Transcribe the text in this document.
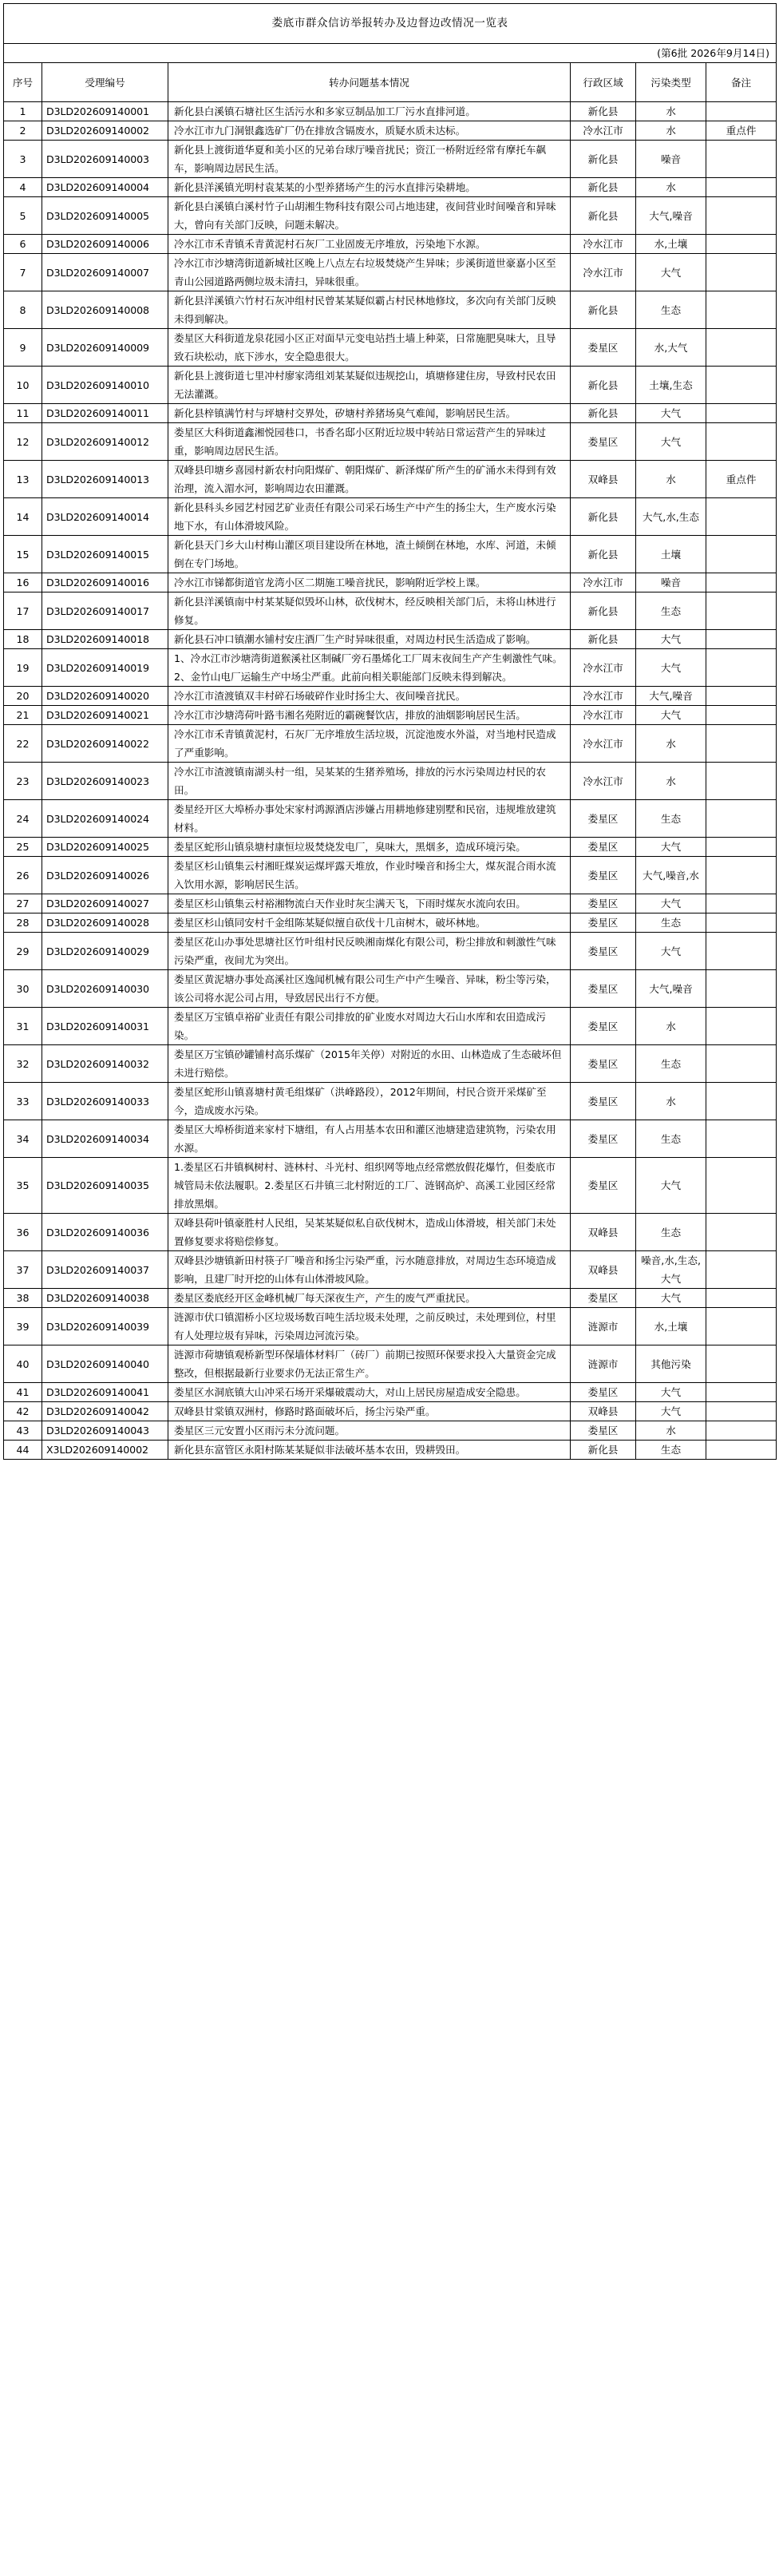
娄底市群众信访举报转办及边督边改情况一览表					
(第6批 2026年9月14日)					
序号	受理编号	转办问题基本情况	行政区域	污染类型	备注
1	D3LD202609140001	新化县白溪镇石塘社区生活污水和多家豆制品加工厂污水直排河道。	新化县	水	
2	D3LD202609140002	冷水江市九门洞银鑫选矿厂仍在排放含镉废水，质疑水质未达标。	冷水江市	水	重点件
3	D3LD202609140003	新化县上渡街道华夏和美小区的兄弟台球厅噪音扰民；资江一桥附近经常有摩托车飙车，影响周边居民生活。	新化县	噪音	
4	D3LD202609140004	新化县洋溪镇光明村袁某某的小型养猪场产生的污水直排污染耕地。	新化县	水	
5	D3LD202609140005	新化县白溪镇白溪村竹子山胡湘生物科技有限公司占地违建，夜间营业时间噪音和异味大，曾向有关部门反映，问题未解决。	新化县	大气,噪音	
6	D3LD202609140006	冷水江市禾青镇禾青黄泥村石灰厂工业固废无序堆放，污染地下水源。	冷水江市	水,土壤	
7	D3LD202609140007	冷水江市沙塘湾街道新城社区晚上八点左右垃圾焚烧产生异味；步溪街道世豪嘉小区至青山公园道路两侧垃圾未清扫，异味很重。	冷水江市	大气	
8	D3LD202609140008	新化县洋溪镇六竹村石灰冲组村民曾某某疑似霸占村民林地修坟，多次向有关部门反映未得到解决。	新化县	生态	
9	D3LD202609140009	娄星区大科街道龙泉花园小区正对面早元变电站挡土墙上种菜，日常施肥臭味大，且导致石块松动，底下涉水，安全隐患很大。	娄星区	水,大气	
10	D3LD202609140010	新化县上渡街道七里冲村廖家湾组刘某某疑似违规挖山，填塘修建住房，导致村民农田无法灌溉。	新化县	土壤,生态	
11	D3LD202609140011	新化县梓镇满竹村与坪塘村交界处，矽塘村养猪场臭气难闻，影响居民生活。	新化县	大气	
12	D3LD202609140012	娄星区大科街道鑫湘悦园巷口，书香名邸小区附近垃圾中转站日常运营产生的异味过重，影响周边居民生活。	娄星区	大气	
13	D3LD202609140013	双峰县印塘乡喜园村新农村向阳煤矿、朝阳煤矿、新泽煤矿所产生的矿涌水未得到有效治理，流入湄水河，影响周边农田灌溉。	双峰县	水	重点件
14	D3LD202609140014	新化县科头乡园艺村园艺矿业责任有限公司采石场生产中产生的扬尘大，生产废水污染地下水，有山体滑坡风险。	新化县	大气,水,生态	
15	D3LD202609140015	新化县天门乡大山村梅山灌区项目建设所在林地，渣土倾倒在林地，水库、河道，未倾倒在专门场地。	新化县	土壤	
16	D3LD202609140016	冷水江市锑都街道官龙湾小区二期施工噪音扰民，影响附近学校上课。	冷水江市	噪音	
17	D3LD202609140017	新化县洋溪镇南中村某某疑似毁坏山林，砍伐树木，经反映相关部门后，未将山林进行修复。	新化县	生态	
18	D3LD202609140018	新化县石冲口镇潮水铺村安庄酒厂生产时异味很重，对周边村民生活造成了影响。	新化县	大气	
19	D3LD202609140019	1、冷水江市沙塘湾街道猴溪社区制碱厂旁石墨烯化工厂周末夜间生产产生刺激性气味。2、金竹山电厂运输生产中场尘严重。此前向相关职能部门反映未得到解决。	冷水江市	大气	
20	D3LD202609140020	冷水江市渣渡镇双丰村碎石场破碎作业时扬尘大、夜间噪音扰民。	冷水江市	大气,噪音	
21	D3LD202609140021	冷水江市沙塘湾荷叶路韦湘名苑附近的霸碗餐饮店，排放的油烟影响居民生活。	冷水江市	大气	
22	D3LD202609140022	冷水江市禾青镇黄泥村，石灰厂无序堆放生活垃圾，沉淀池废水外溢，对当地村民造成了严重影响。	冷水江市	水	
23	D3LD202609140023	冷水江市渣渡镇南湖头村一组，吴某某的生猪养殖场，排放的污水污染周边村民的农田。	冷水江市	水	
24	D3LD202609140024	娄星经开区大埠桥办事处宋家村鸿源酒店涉嫌占用耕地修建别墅和民宿，违规堆放建筑材料。	娄星区	生态	
25	D3LD202609140025	娄星区蛇形山镇泉塘村康恒垃圾焚烧发电厂，臭味大，黑烟多，造成环境污染。	娄星区	大气	
26	D3LD202609140026	娄星区杉山镇集云村湘旺煤炭运煤坪露天堆放，作业时噪音和扬尘大，煤灰混合雨水流入饮用水源，影响居民生活。	娄星区	大气,噪音,水	
27	D3LD202609140027	娄星区杉山镇集云村裕湘物流白天作业时灰尘满天飞，下雨时煤灰水流向农田。	娄星区	大气	
28	D3LD202609140028	娄星区杉山镇同安村千金组陈某疑似擅自砍伐十几亩树木，破坏林地。	娄星区	生态	
29	D3LD202609140029	娄星区花山办事处思塘社区竹叶组村民反映湘南煤化有限公司，粉尘排放和刺激性气味污染严重，夜间尤为突出。	娄星区	大气	
30	D3LD202609140030	娄星区黄泥塘办事处高溪社区逸闻机械有限公司生产中产生噪音、异味，粉尘等污染，该公司将水泥公司占用，导致居民出行不方便。	娄星区	大气,噪音	
31	D3LD202609140031	娄星区万宝镇卓裕矿业责任有限公司排放的矿业废水对周边大石山水库和农田造成污染。	娄星区	水	
32	D3LD202609140032	娄星区万宝镇砂罐铺村高乐煤矿（2015年关停）对附近的水田、山林造成了生态破坏但未进行赔偿。	娄星区	生态	
33	D3LD202609140033	娄星区蛇形山镇喜塘村黄毛组煤矿（洪峰路段），2012年期间，村民合资开采煤矿至今，造成废水污染。	娄星区	水	
34	D3LD202609140034	娄星区大埠桥街道来家村下塘组，有人占用基本农田和灌区池塘建造建筑物，污染农用水源。	娄星区	生态	
35	D3LD202609140035	1.娄星区石井镇枫树村、涟林村、斗光村、组织网等地点经常燃放假花爆竹，但娄底市城管局未依法履职。2.娄星区石井镇三北村附近的工厂、涟钢高炉、高溪工业园区经常排放黑烟。	娄星区	大气	
36	D3LD202609140036	双峰县荷叶镇豪胜村人民组，吴某某疑似私自砍伐树木，造成山体滑坡，相关部门未处置修复要求将赔偿修复。	双峰县	生态	
37	D3LD202609140037	双峰县沙塘镇新田村筷子厂噪音和扬尘污染严重，污水随意排放，对周边生态环境造成影响，且建厂时开挖的山体有山体滑坡风险。	双峰县	噪音,水,生态,大气	
38	D3LD202609140038	娄星区娄底经开区金峰机械厂每天深夜生产，产生的废气严重扰民。	娄星区	大气	
39	D3LD202609140039	涟源市伏口镇湄桥小区垃圾场数百吨生活垃圾未处理，之前反映过，未处理到位，村里有人处理垃圾有异味，污染周边河流污染。	涟源市	水,土壤	
40	D3LD202609140040	涟源市荷塘镇观桥新型环保墙体材料厂（砖厂）前期已按照环保要求投入大量资金完成整改，但根据最新行业要求仍无法正常生产。	涟源市	其他污染	
41	D3LD202609140041	娄星区水洞底镇大山冲采石场开采爆破震动大，对山上居民房屋造成安全隐患。	娄星区	大气	
42	D3LD202609140042	双峰县甘棠镇双洲村，修路时路面破坏后，扬尘污染严重。	双峰县	大气	
43	D3LD202609140043	娄星区三元安置小区雨污未分流问题。	娄星区	水	
44	X3LD202609140002	新化县东富管区永阳村陈某某疑似非法破坏基本农田，毁耕毁田。	新化县	生态	
